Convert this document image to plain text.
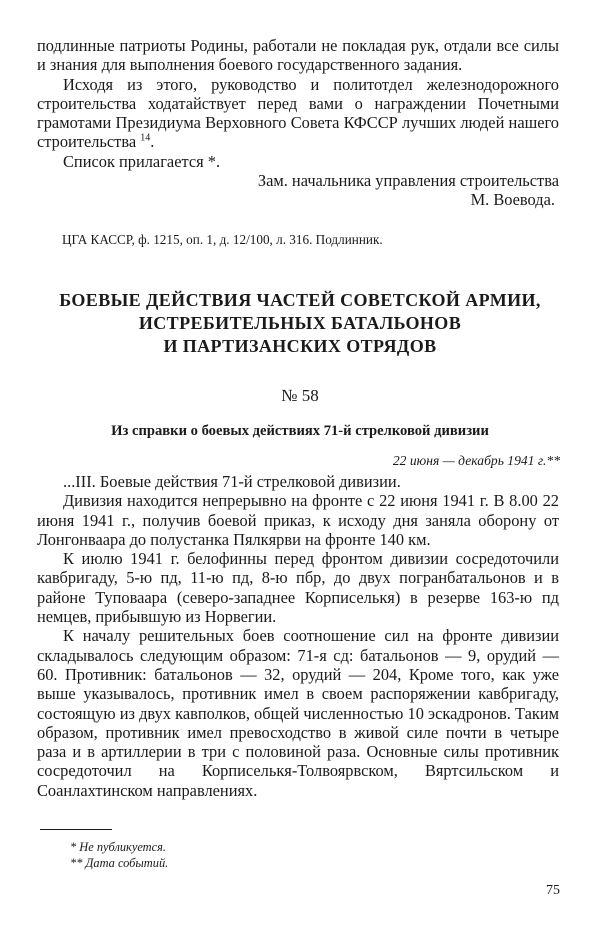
подлинные патриоты Родины, работали не покладая рук, отдали все силы и знания для выполнения боевого государственного задания.

Исходя из этого, руководство и политотдел железнодорожного строительства ходатайствует перед вами о награждении Почетными грамотами Президиума Верховного Совета КФССР лучших людей нашего строительства $^{14}$.

Список прилагается *.

Зам. начальника управления строительства

М. Воевода.

ЦГА КАССР, ф. 1215, оп. 1, д. 12/100, л. 316. Подлинник.
БОЕВЫЕ ДЕЙСТВИЯ ЧАСТЕЙ СОВЕТСКОЙ АРМИИ,
ИСТРЕБИТЕЛЬНЫХ БАТАЛЬОНОВ
И ПАРТИЗАНСКИХ ОТРЯДОВ
№ 58
Из справки о боевых действиях 71-й стрелковой дивизии
22 июня — декабрь 1941 г.**

...III. Боевые действия 71-й стрелковой дивизии.

Дивизия находится непрерывно на фронте с 22 июня 1941 г. В 8.00 22 июня 1941 г., получив боевой приказ, к исходу дня заняла оборону от Лонгонваара до полустанка Пялкярви на фронте 140 км.

К июлю 1941 г. белофинны перед фронтом дивизии сосредоточили кавбригаду, 5-ю пд, 11-ю пд, 8-ю пбр, до двух погранбатальонов и в районе Туповаара (северо-западнее Корписелькя) в резерве 163-ю пд немцев, прибывшую из Норвегии.

К началу решительных боев соотношение сил на фронте дивизии складывалось следующим образом: 71-я сд: батальонов — 9, орудий — 60. Противник: батальонов — 32, орудий — 204, Кроме того, как уже выше указывалось, противник имел в своем распоряжении кавбригаду, состоящую из двух кавполков, общей численностью 10 эскадронов. Таким образом, противник имел превосходство в живой силе почти в четыре раза и в артиллерии в три с половиной раза. Основные силы противник сосредоточил на Корписелькя-Толвоярвском, Вяртсильском и Соанлахтинском направлениях.

* Не публикуется.
** Дата событий.
75
